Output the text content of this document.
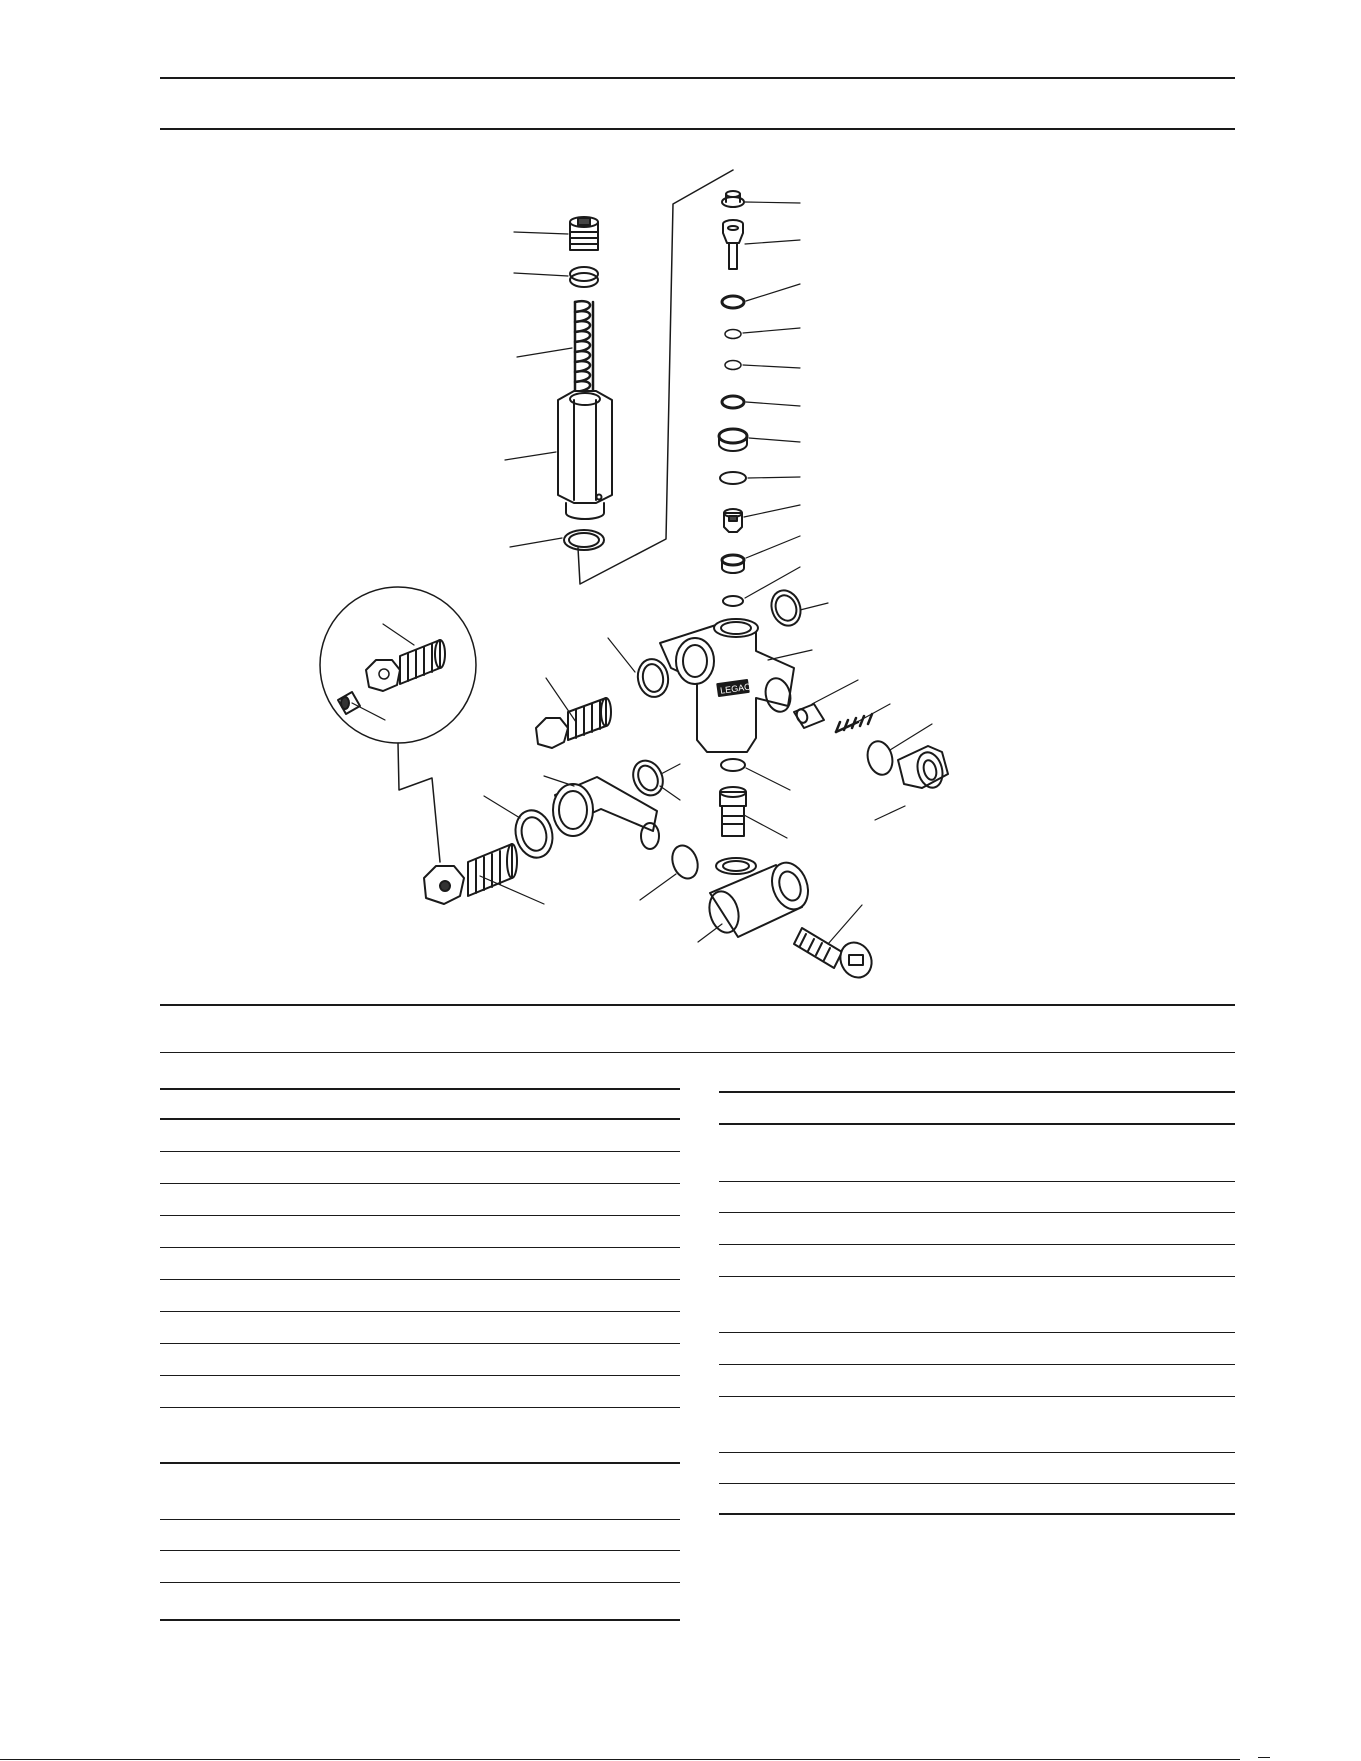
LEGACY
